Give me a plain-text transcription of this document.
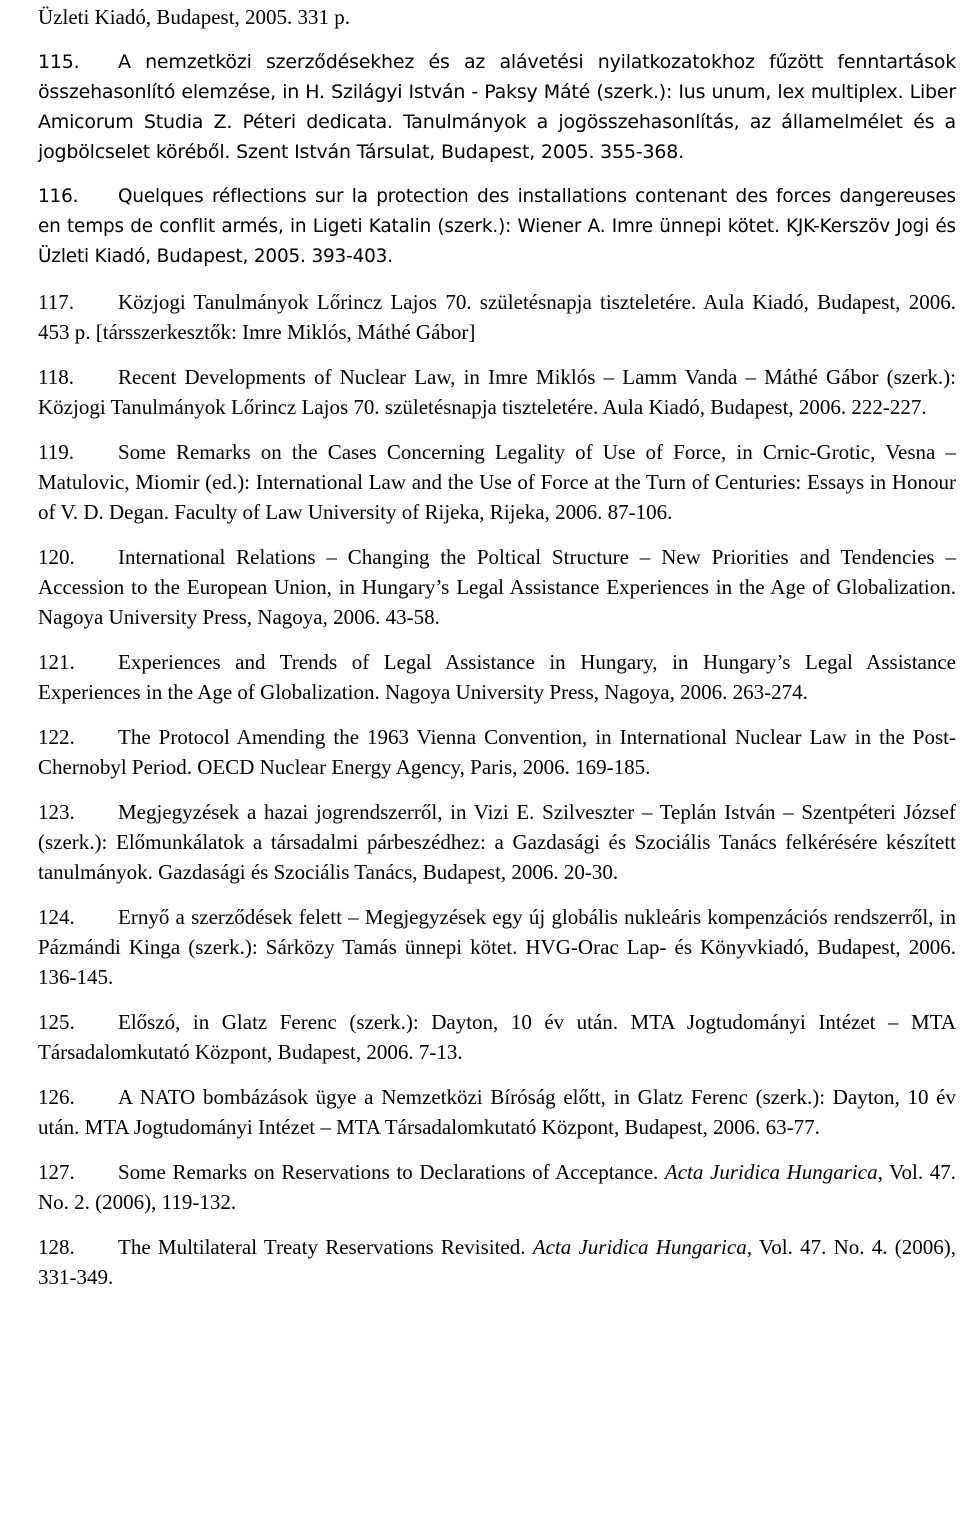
Üzleti Kiadó, Budapest, 2005. 331 p.
115. A nemzetközi szerződésekhez és az alávetési nyilatkozatokhoz fűzött fenntartások összehasonlító elemzése, in H. Szilágyi István - Paksy Máté (szerk.): Ius unum, lex multiplex. Liber Amicorum Studia Z. Péteri dedicata. Tanulmányok a jogösszehasonlítás, az államelmélet és a jogbölcselet köréből. Szent István Társulat, Budapest, 2005. 355-368.
116. Quelques réflections sur la protection des installations contenant des forces dangereuses en temps de conflit armés, in Ligeti Katalin (szerk.): Wiener A. Imre ünnepi kötet. KJK-Kerszöv Jogi és Üzleti Kiadó, Budapest, 2005. 393-403.
117. Közjogi Tanulmányok Lőrincz Lajos 70. születésnapja tiszteletére. Aula Kiadó, Budapest, 2006. 453 p. [társszerkesztők: Imre Miklós, Máthé Gábor]
118. Recent Developments of Nuclear Law, in Imre Miklós – Lamm Vanda – Máthé Gábor (szerk.): Közjogi Tanulmányok Lőrincz Lajos 70. születésnapja tiszteletére. Aula Kiadó, Budapest, 2006. 222-227.
119. Some Remarks on the Cases Concerning Legality of Use of Force, in Crnic-Grotic, Vesna – Matulovic, Miomir (ed.): International Law and the Use of Force at the Turn of Centuries: Essays in Honour of V. D. Degan. Faculty of Law University of Rijeka, Rijeka, 2006. 87-106.
120. International Relations – Changing the Poltical Structure – New Priorities and Tendencies – Accession to the European Union, in Hungary’s Legal Assistance Experiences in the Age of Globalization. Nagoya University Press, Nagoya, 2006. 43-58.
121. Experiences and Trends of Legal Assistance in Hungary, in Hungary’s Legal Assistance Experiences in the Age of Globalization. Nagoya University Press, Nagoya, 2006. 263-274.
122. The Protocol Amending the 1963 Vienna Convention, in International Nuclear Law in the Post-Chernobyl Period. OECD Nuclear Energy Agency, Paris, 2006. 169-185.
123. Megjegyzések a hazai jogrendszerről, in Vizi E. Szilveszter – Teplán István – Szentpéteri József (szerk.): Előmunkálatok a társadalmi párbeszédhez: a Gazdasági és Szociális Tanács felkérésére készített tanulmányok. Gazdasági és Szociális Tanács, Budapest, 2006. 20-30.
124. Ernyő a szerződések felett – Megjegyzések egy új globális nukleáris kompenzációs rendszerről, in Pázmándi Kinga (szerk.): Sárközy Tamás ünnepi kötet. HVG-Orac Lap- és Könyvkiadó, Budapest, 2006. 136-145.
125. Előszó, in Glatz Ferenc (szerk.): Dayton, 10 év után. MTA Jogtudományi Intézet – MTA Társadalomkutató Központ, Budapest, 2006. 7-13.
126. A NATO bombázások ügye a Nemzetközi Bíróság előtt, in Glatz Ferenc (szerk.): Dayton, 10 év után. MTA Jogtudományi Intézet – MTA Társadalomkutató Központ, Budapest, 2006. 63-77.
127. Some Remarks on Reservations to Declarations of Acceptance. Acta Juridica Hungarica, Vol. 47. No. 2. (2006), 119-132.
128. The Multilateral Treaty Reservations Revisited. Acta Juridica Hungarica, Vol. 47. No. 4. (2006), 331-349.
